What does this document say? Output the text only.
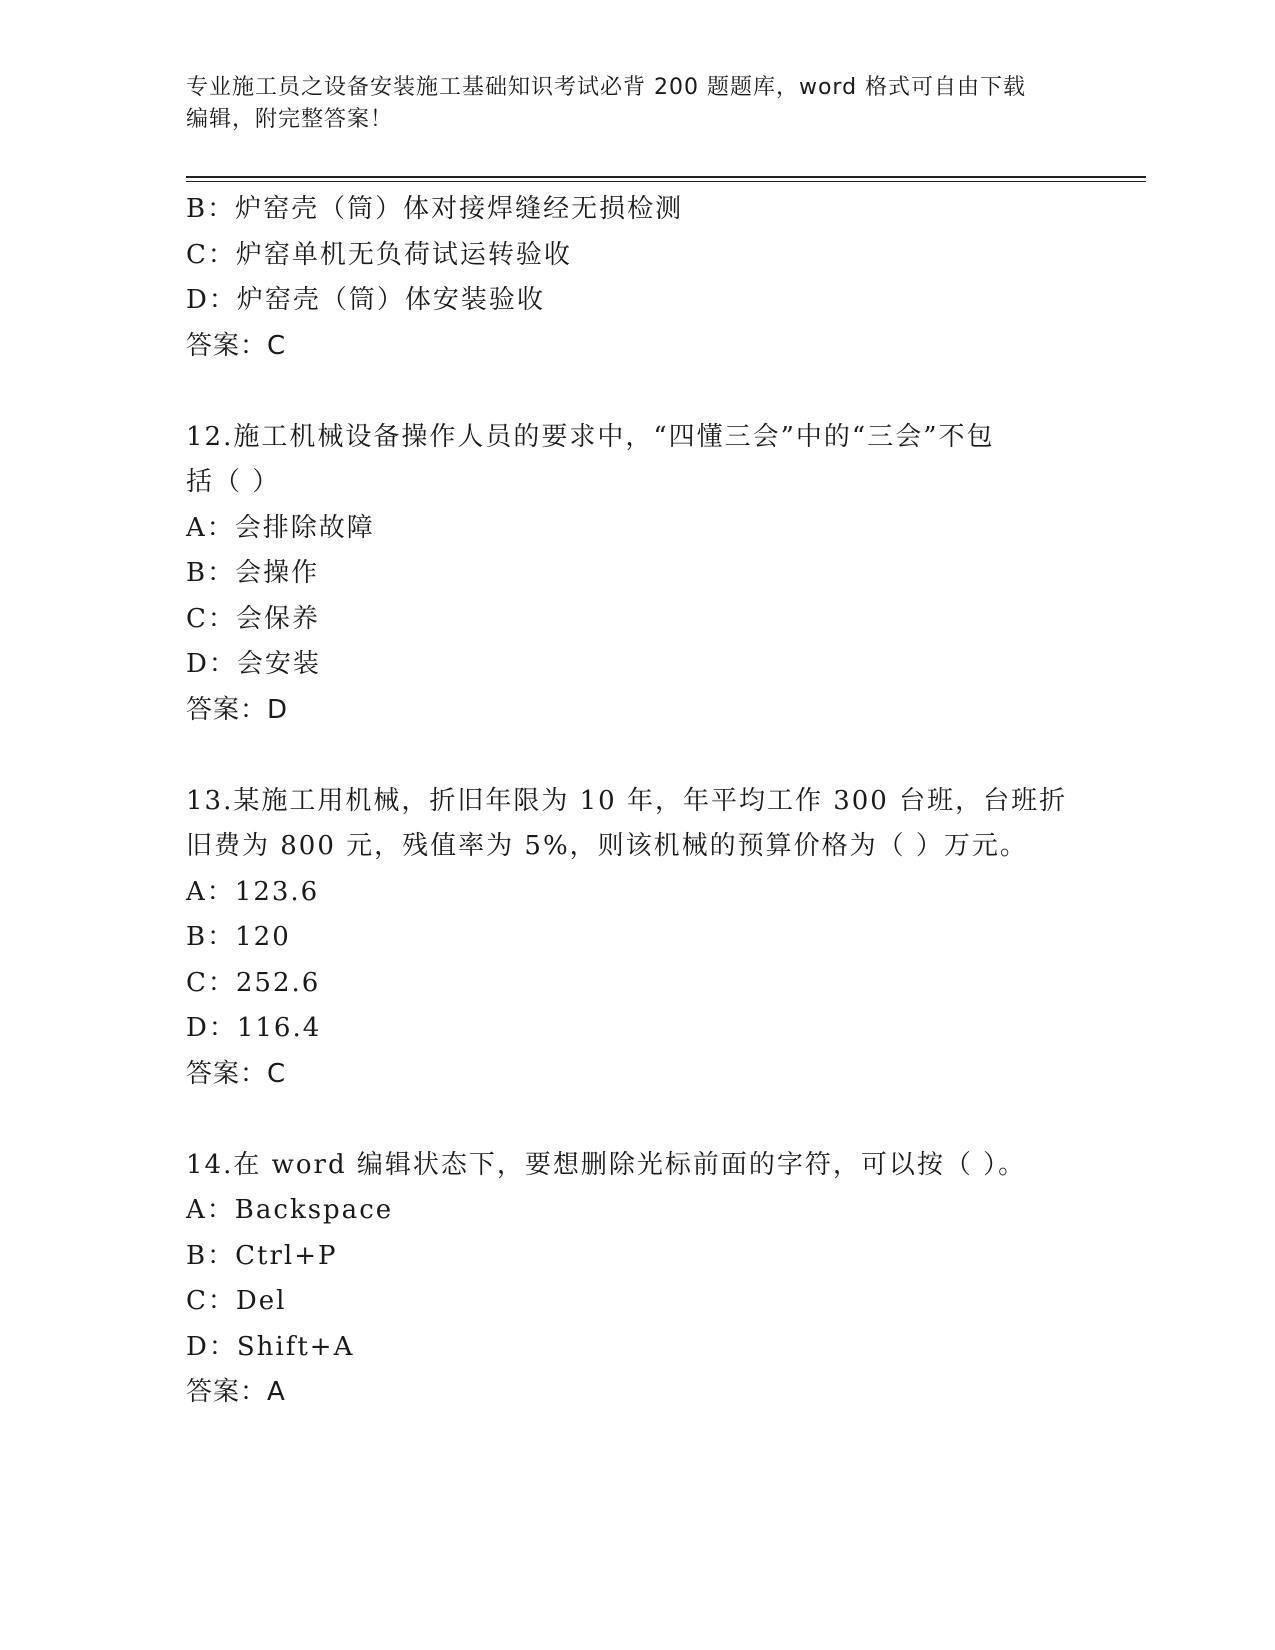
专业施工员之设备安装施工基础知识考试必背 200 题题库，word 格式可自由下载
编辑，附完整答案！
B：炉窑壳（筒）体对接焊缝经无损检测
C：炉窑单机无负荷试运转验收
D：炉窑壳（筒）体安装验收
答案：C
12.施工机械设备操作人员的要求中，“四懂三会”中的“三会”不包
括（ ）
A：会排除故障
B：会操作
C：会保养
D：会安装
答案：D
13.某施工用机械，折旧年限为 10 年，年平均工作 300 台班，台班折
旧费为 800 元，残值率为 5%，则该机械的预算价格为（ ）万元。
A：123.6
B：120
C：252.6
D：116.4
答案：C
14.在 word 编辑状态下，要想删除光标前面的字符，可以按（ ）。
A：Backspace
B：Ctrl+P
C：Del
D：Shift+A
答案：A
